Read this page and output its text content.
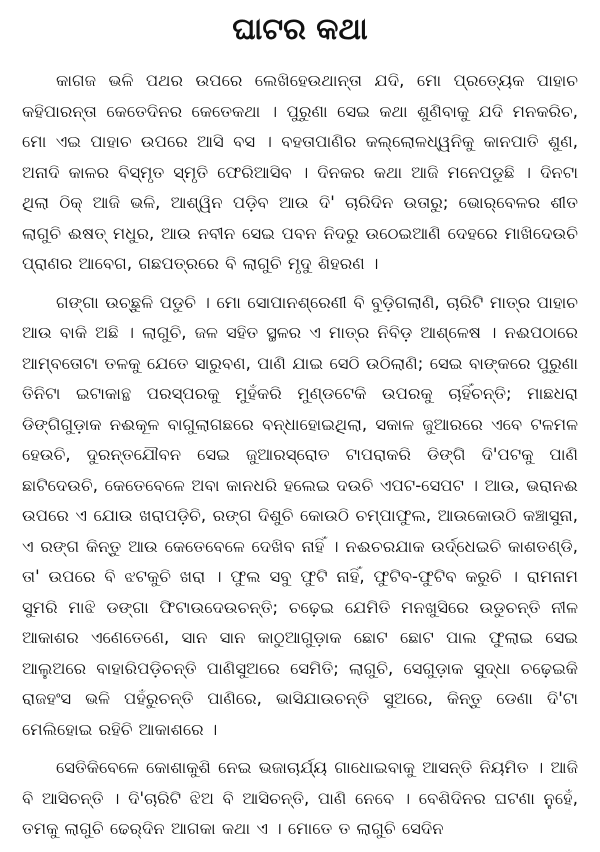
ଘାଟର କଥା

କାଗଜ ଭଳି ପଥର ଉପରେ ଲେଖିହେଉଥାନ୍ତା ଯଦି, ମୋ ପ୍ରତ୍ୟେକ ପାହାଚ କହିପାରନ୍ତା କେତେଦିନର କେତେକଥା । ପୁରୁଣା ସେଇ କଥା ଶୁଣିବାକୁ ଯଦି ମନକରିଚ, ମୋ ଏଇ ପାହାଚ ଉପରେ ଆସି ବସ । ବହତାପାଣିର କଲ୍ଲୋଳଧ୍ୱନିକୁ କାନପାତି ଶୁଣ, ଅନାଦି କାଳର ବିସ୍ମୃତ ସ୍ମୃତି ଫେରିଆସିବ । ଦିନକର କଥା ଆଜି ମନେପଡୁଛି । ଦିନଟା ଥିଲା ଠିକ୍ ଆଜି ଭଳି, ଆଶ୍ୱିନ ପଡ଼ିବ ଆଉ ଦି' ଚାରିଦିନ ଉତାରୁ; ଭୋର୍‌ବେଳର ଶୀତ ଲାଗୁଚି ଈଷତ୍ ମଧୁର, ଆଉ ନବୀନ ସେଇ ପବନ ନିଦରୁ ଉଠେଇଆଣି ଦେହରେ ମାଖିଦେଉଚି ପ୍ରାଣର ଆବେଗ, ଗଛପତ୍ରରେ ବି ଲାଗୁଚି ମୃଦୁ ଶିହରଣ ।

ଗଙ୍ଗା ଉଚ୍ଛୁଳି ପଡୁଚି । ମୋ ସୋପାନଶ୍ରେଣୀ ବି ବୁଡ଼ିଗଲାଣି, ଚାରିଟି ମାତ୍ର ପାହାଚ ଆଉ ବାକି ଅଛି । ଲାଗୁଚି, ଜଳ ସହିତ ସ୍ଥଳର ଏ ମାତ୍ର ନିବିଡ଼ ଆଶ୍ଳେଷ । ନଈପଠାରେ ଆମ୍ବତୋଟା ତଳକୁ ଯେତେ ସାରୁବଣ, ପାଣି ଯାଇ ସେଠି ଉଠିଲାଣି; ସେଇ ବାଙ୍କରେ ପୁରୁଣା ତିନିଟା ଇଟାକାନ୍ଥ ପରସ୍ପରକୁ ମୁହଁକରି ମୁଣ୍ଡଟେକି ଉପରକୁ ଚାହିଁଚନ୍ତି; ମାଛଧରା ଡିଙ୍ଗିଗୁଡ଼ାକ ନଈକୂଳ ବାଗୁଲାଗଛରେ ବନ୍ଧାହୋଇଥିଲା, ସକାଳ ଜୁଆରରେ ଏବେ ଟଳମଳ ହେଉଚି, ଦୁରନ୍ତଯୌବନ ସେଇ ଜୁଆରସ୍ରୋତ ଟାପରାକରି ଡିଙ୍ଗି ଦି'ପଟକୁ ପାଣି ଛାଟିଦେଉଚି, କେତେବେଳେ ଅବା କାନଧରି ହଲେଇ ଦଉଚି ଏପଟ-ସେପଟ । ଆଉ, ଭରାନଈ ଉପରେ ଏ ଯୋଉ ଖରାପଡ଼ିଚି, ରଙ୍ଗ ଦିଶୁଚି କୋଉଠି ଚମ୍ପାଫୁଲ, ଆଉକୋଉଠି କଞ୍ଚାସୁନା, ଏ ରଙ୍ଗ କିନ୍ତୁ ଆଉ କେତେବେଳେ ଦେଖିବ ନାହିଁ । ନଈଚରଯାକ ଉର୍ଦ୍ଧେଇଚି କାଶତଣ୍ଡି, ତା' ଉପରେ ବି ଝଟକୁଚି ଖରା । ଫୁଲ ସବୁ ଫୁଟି ନାହିଁ, ଫୁଟିବ-ଫୁଟିବ କରୁଚି । ରାମନାମ ସୁମରି ମାଝି ଡଙ୍ଗା ଫିଟାଉଦେଉଚନ୍ତି; ଚଢ଼େଇ ଯେମିତି ମନଖୁସିରେ ଉଡୁଚନ୍ତି ନୀଳ ଆକାଶର ଏଣେତେଣେ, ସାନ ସାନ କାଠୁଆଗୁଡ଼ାକ ଛୋଟ ଛୋଟ ପାଲ ଫୁଲାଇ ସେଇ ଆଲୁଅରେ ବାହାରିପଡ଼ିଚନ୍ତି ପାଣିସୁଅରେ ସେମିତି; ଲାଗୁଚି, ସେଗୁଡ଼ାକ ସୁଦ୍ଧା ଚଢ଼େଇକି ରାଜହଂସ ଭଳି ପହଁରୁଚନ୍ତି ପାଣିରେ, ଭାସିଯାଉଚନ୍ତି ସୁଅରେ, କିନ୍ତୁ ଡେଣା ଦି'ଟା ମେଲିହୋଇ ରହିଚି ଆକାଶରେ ।

ସେତିକିବେଳେ କୋଶାକୁଶି ନେଇ ଭଜାଚାର୍ଯ୍ୟ ଗାଧୋଇବାକୁ ଆସନ୍ତି ନିୟମିତ । ଆଜି ବି ଆସିଚନ୍ତି । ଦି'ଚାରିଟି ଝିଅ ବି ଆସିଚନ୍ତି, ପାଣି ନେବେ । ବେଶିଦିନର ଘଟଣା ନୁହେଁ, ତମକୁ ଲାଗୁଚି ଢେର୍‌ଦିନ ଆଗକା କଥା ଏ । ମୋତେ ତ ଲାଗୁଚି ସେଦିନ
